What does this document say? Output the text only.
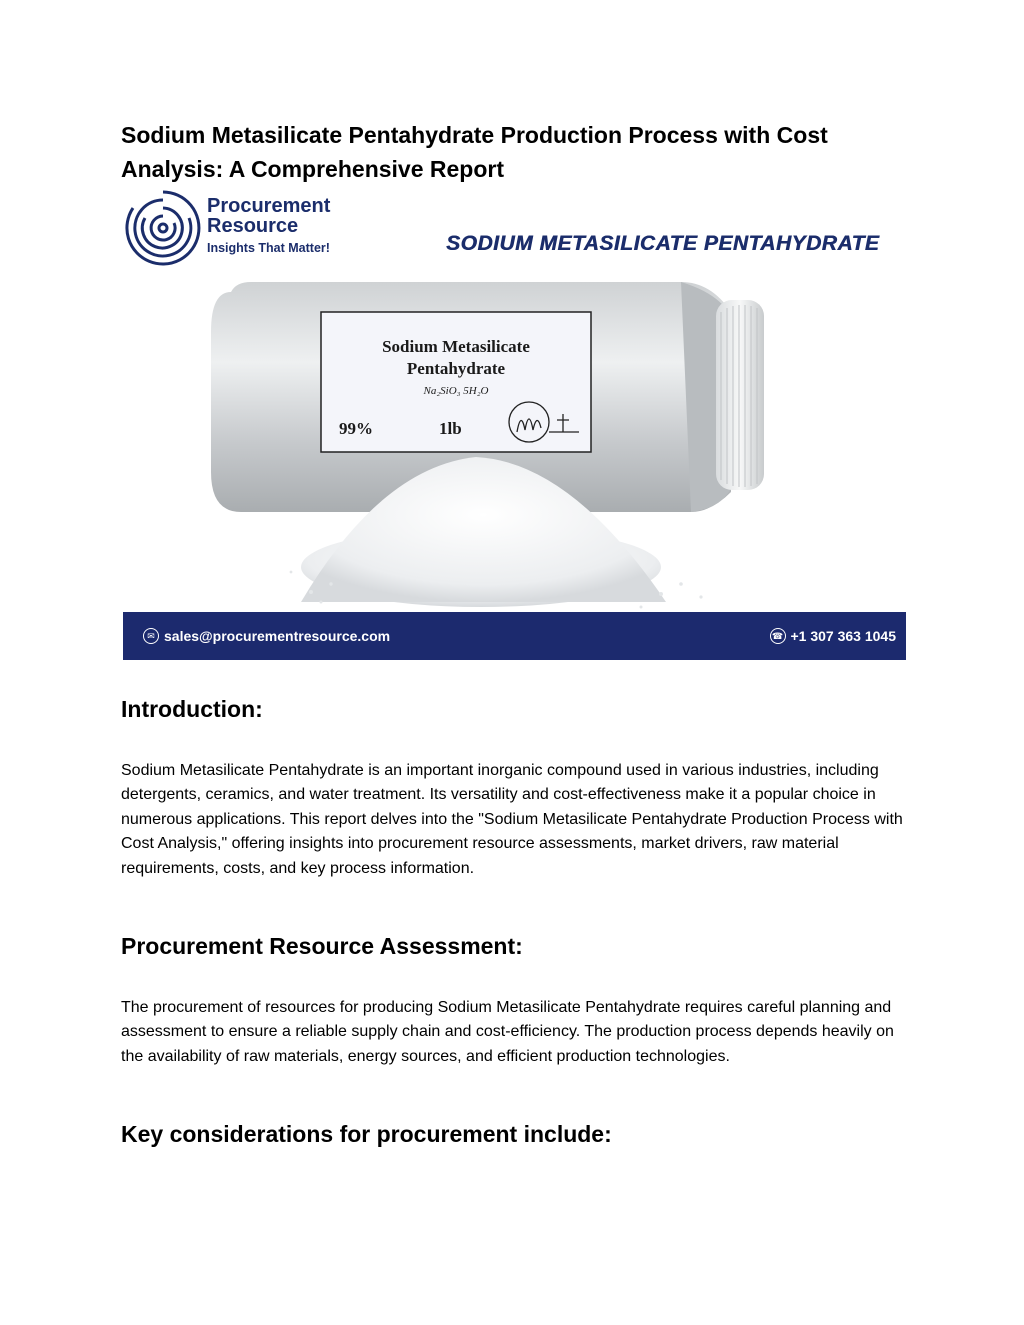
Sodium Metasilicate Pentahydrate Production Process with Cost Analysis: A Comprehensive Report
Procurement
Resource
Insights That Matter!	SODIUM METASILICATE PENTAHYDRATE
Sodium Metasilicate
Pentahydrate
Na₂SiO₃ 5H₂O
99%	1lb
✉ sales@procurementresource.com	☎ +1 307 363 1045
Introduction:

Sodium Metasilicate Pentahydrate is an important inorganic compound used in various industries, including detergents, ceramics, and water treatment. Its versatility and cost-effectiveness make it a popular choice in numerous applications. This report delves into the "Sodium Metasilicate Pentahydrate Production Process with Cost Analysis," offering insights into procurement resource assessments, market drivers, raw material requirements, costs, and key process information.

Procurement Resource Assessment:

The procurement of resources for producing Sodium Metasilicate Pentahydrate requires careful planning and assessment to ensure a reliable supply chain and cost-efficiency. The production process depends heavily on the availability of raw materials, energy sources, and efficient production technologies.

Key considerations for procurement include:
